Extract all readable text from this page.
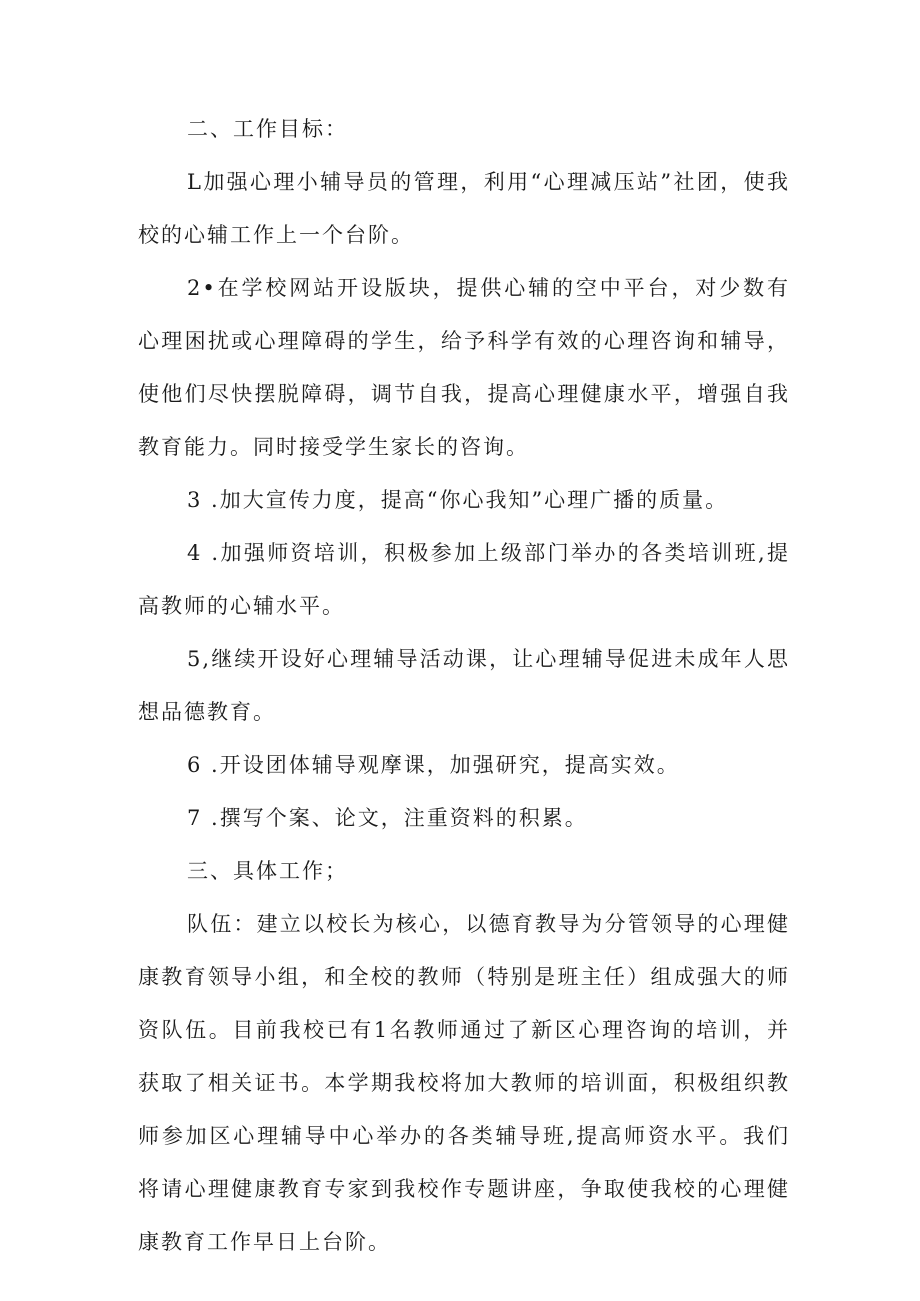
二、工作目标：

L加强心理小辅导员的管理，利用“心理减压站”社团，使我校的心辅工作上一个台阶。

2•在学校网站开设版块，提供心辅的空中平台，对少数有心理困扰或心理障碍的学生，给予科学有效的心理咨询和辅导，使他们尽快摆脱障碍，调节自我，提高心理健康水平，增强自我教育能力。同时接受学生家长的咨询。

3 .加大宣传力度，提高“你心我知”心理广播的质量。

4 .加强师资培训，积极参加上级部门举办的各类培训班,提高教师的心辅水平。

5,继续开设好心理辅导活动课，让心理辅导促进未成年人思想品德教育。

6 .开设团体辅导观摩课，加强研究，提高实效。

7 .撰写个案、论文，注重资料的积累。

三、具体工作；

队伍：建立以校长为核心，以德育教导为分管领导的心理健康教育领导小组，和全校的教师（特别是班主任）组成强大的师资队伍。目前我校已有1名教师通过了新区心理咨询的培训，并获取了相关证书。本学期我校将加大教师的培训面，积极组织教师参加区心理辅导中心举办的各类辅导班,提高师资水平。我们将请心理健康教育专家到我校作专题讲座，争取使我校的心理健康教育工作早日上台阶。
